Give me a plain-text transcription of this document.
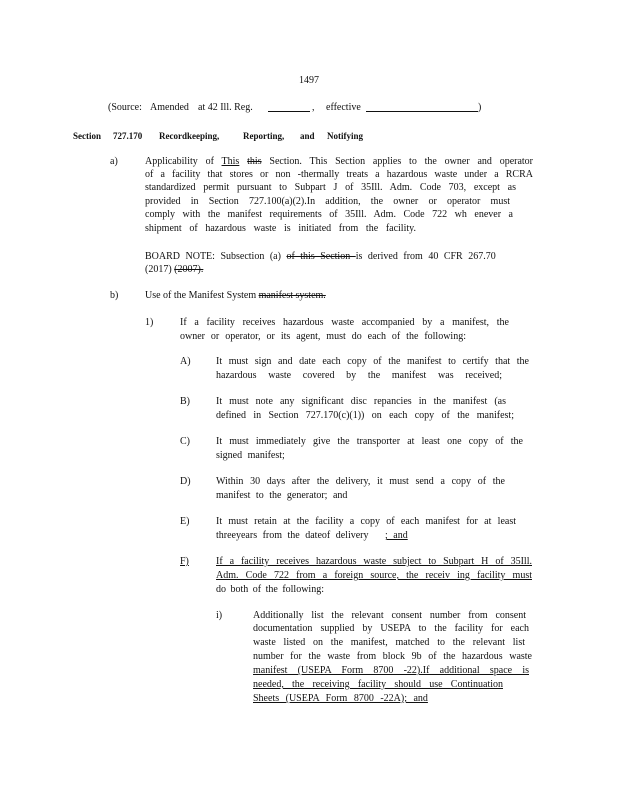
1497
(Source: Amended at 42 Ill. Reg.	, effective	)
Section 727.170 Recordkeeping,	Reporting, and Notifying
a)	Applicability of This this Section. This Section applies to the owner and operator
of a facility that stores or non -thermally treats a hazardous waste under a RCRA
standardized permit pursuant to Subpart J of 35Ill. Adm. Code 703, except as
provided in Section 727.100(a)(2).In addition, the owner or operator must
comply with the manifest requirements of 35Ill. Adm. Code 722 wh enever a
shipment of hazardous waste is initiated from the facility.
BOARD NOTE: Subsection (a) of this Section is derived from 40 CFR 267.70
(2017) (2007).
b)	Use of the Manifest System manifest system.
1)	If a facility receives hazardous waste accompanied by a manifest, the
owner or operator, or its agent, must do each of the following:
A)	It must sign and date each copy of the manifest to certify that the
hazardous waste covered by the manifest was received;
B)	It must note any significant disc repancies in the manifest (as
defined in Section 727.170(c)(1)) on each copy of the manifest;
C)	It must immediately give the transporter at least one copy of the
signed manifest;
D)	Within 30 days after the delivery, it must send a copy of the
manifest to the generator; and
E)	It must retain at the facility a copy of each manifest for at least
threeyears from the dateof delivery ; and
F)	If a facility receives hazardous waste subject to Subpart H of 35Ill.
Adm. Code 722 from a foreign source, the receiv ing facility must
do both of the following:
i)	Additionally list the relevant consent number from consent
documentation supplied by USEPA to the facility for each
waste listed on the manifest, matched to the relevant list
number for the waste from block 9b of the hazardous waste
manifest (USEPA Form 8700 -22).If additional space is
needed, the receiving facility should use Continuation
Sheets (USEPA Form 8700 -22A); and
